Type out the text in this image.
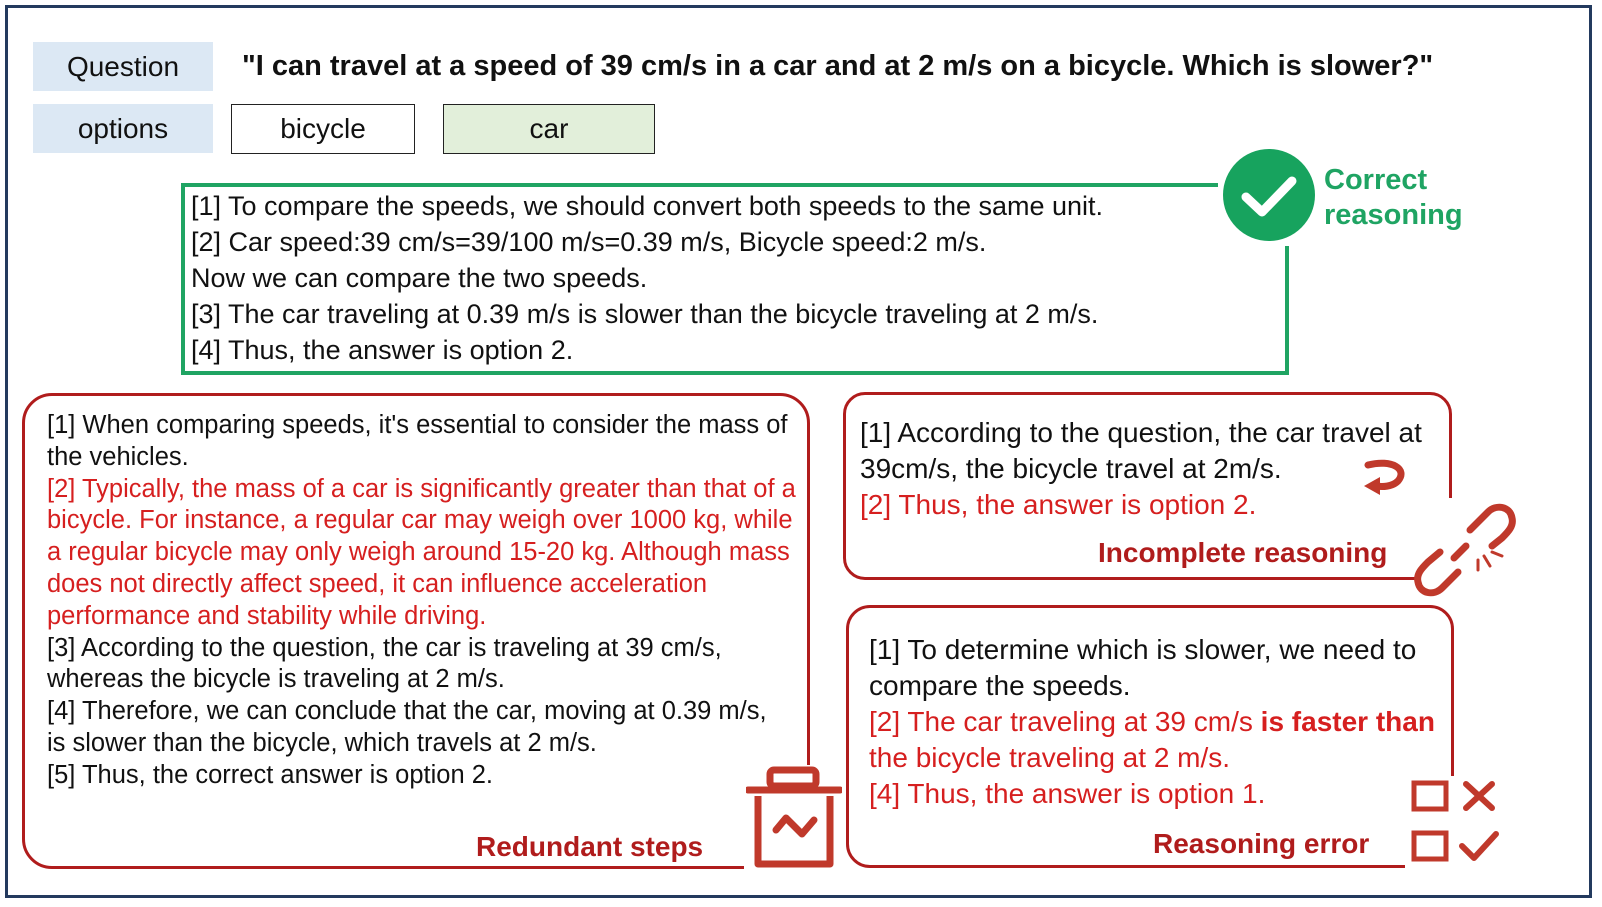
Question	"I can travel at a speed of 39 cm/s in a car and at 2 m/s on a bicycle. Which is slower?"
options	bicycle	car
[1] To compare the speeds, we should convert both speeds to the same unit.
[2] Car speed:39 cm/s=39/100 m/s=0.39 m/s, Bicycle speed:2 m/s.
Now we can compare the two speeds.
[3] The car traveling at 0.39 m/s is slower than the bicycle traveling at 2 m/s.
[4] Thus, the answer is option 2.
Correct
reasoning
[1] When comparing speeds, it's essential to consider the mass of the vehicles.
[2] Typically, the mass of a car is significantly greater than that of a bicycle. For instance, a regular car may weigh over 1000 kg, while a regular bicycle may only weigh around 15-20 kg. Although mass does not directly affect speed, it can influence acceleration performance and stability while driving.
[3] According to the question, the car is traveling at 39 cm/s, whereas the bicycle is traveling at 2 m/s.
[4] Therefore, we can conclude that the car, moving at 0.39 m/s, is slower than the bicycle, which travels at 2 m/s.
[5] Thus, the correct answer is option 2.
Redundant steps
[1] According to the question, the car travel at 39cm/s, the bicycle travel at 2m/s.
[2] Thus, the answer is option 2.
Incomplete reasoning
[1] To determine which is slower, we need to compare the speeds.
[2] The car traveling at 39 cm/s is faster than the bicycle traveling at 2 m/s.
[4] Thus, the answer is option 1.
Reasoning error
